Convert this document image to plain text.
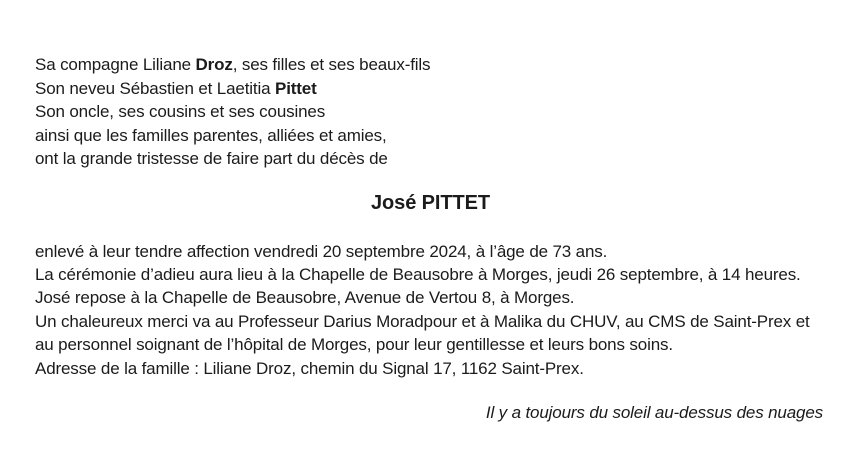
Sa compagne Liliane Droz, ses filles et ses beaux-fils
Son neveu Sébastien et Laetitia Pittet
Son oncle, ses cousins et ses cousines
ainsi que les familles parentes, alliées et amies,
ont la grande tristesse de faire part du décès de
José PITTET
enlevé à leur tendre affection vendredi 20 septembre 2024, à l’âge de 73 ans.
La cérémonie d’adieu aura lieu à la Chapelle de Beausobre à Morges, jeudi 26 septembre, à 14 heures.
José repose à la Chapelle de Beausobre, Avenue de Vertou 8, à Morges.
Un chaleureux merci va au Professeur Darius Moradpour et à Malika du CHUV, au CMS de Saint-Prex et
au personnel soignant de l’hôpital de Morges, pour leur gentillesse et leurs bons soins.
Adresse de la famille : Liliane Droz, chemin du Signal 17, 1162 Saint-Prex.
Il y a toujours du soleil au-dessus des nuages
